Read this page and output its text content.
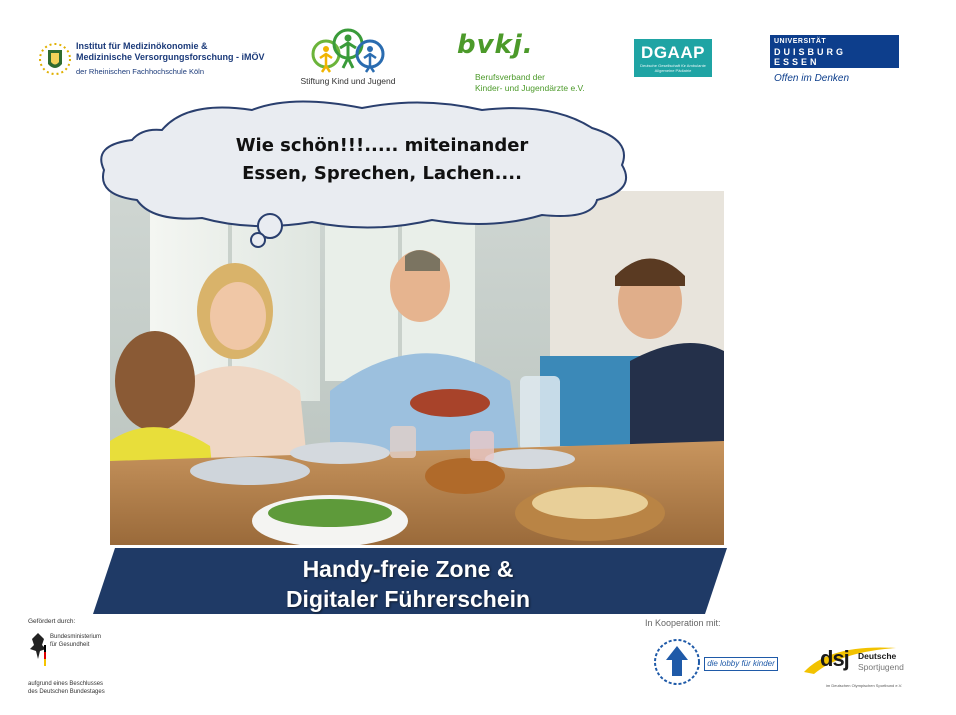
Institut für Medizinökonomie &
Medizinische Versorgungsforschung - iMÖV
der Rheinischen Fachhochschule Köln
Stiftung Kind und Jugend
bvkj.
Berufsverband der
Kinder- und Jugendärzte e.V.
DGAAP
Deutsche Gesellschaft für Ambulante Allgemeine Pädiatrie
UNIVERSITÄT
DUISBURG
ESSEN
Offen im Denken
Wie schön!!!..... miteinander
Essen, Sprechen, Lachen....
Handy-freie Zone &
Digitaler Führerschein
Gefördert durch:
Bundesministerium
für Gesundheit
aufgrund eines Beschlusses
des Deutschen Bundestages
In Kooperation mit:
die lobby für kinder dsj Deutsche
Sportjugend
im Deutschen Olympischen Sportbund e.V.
